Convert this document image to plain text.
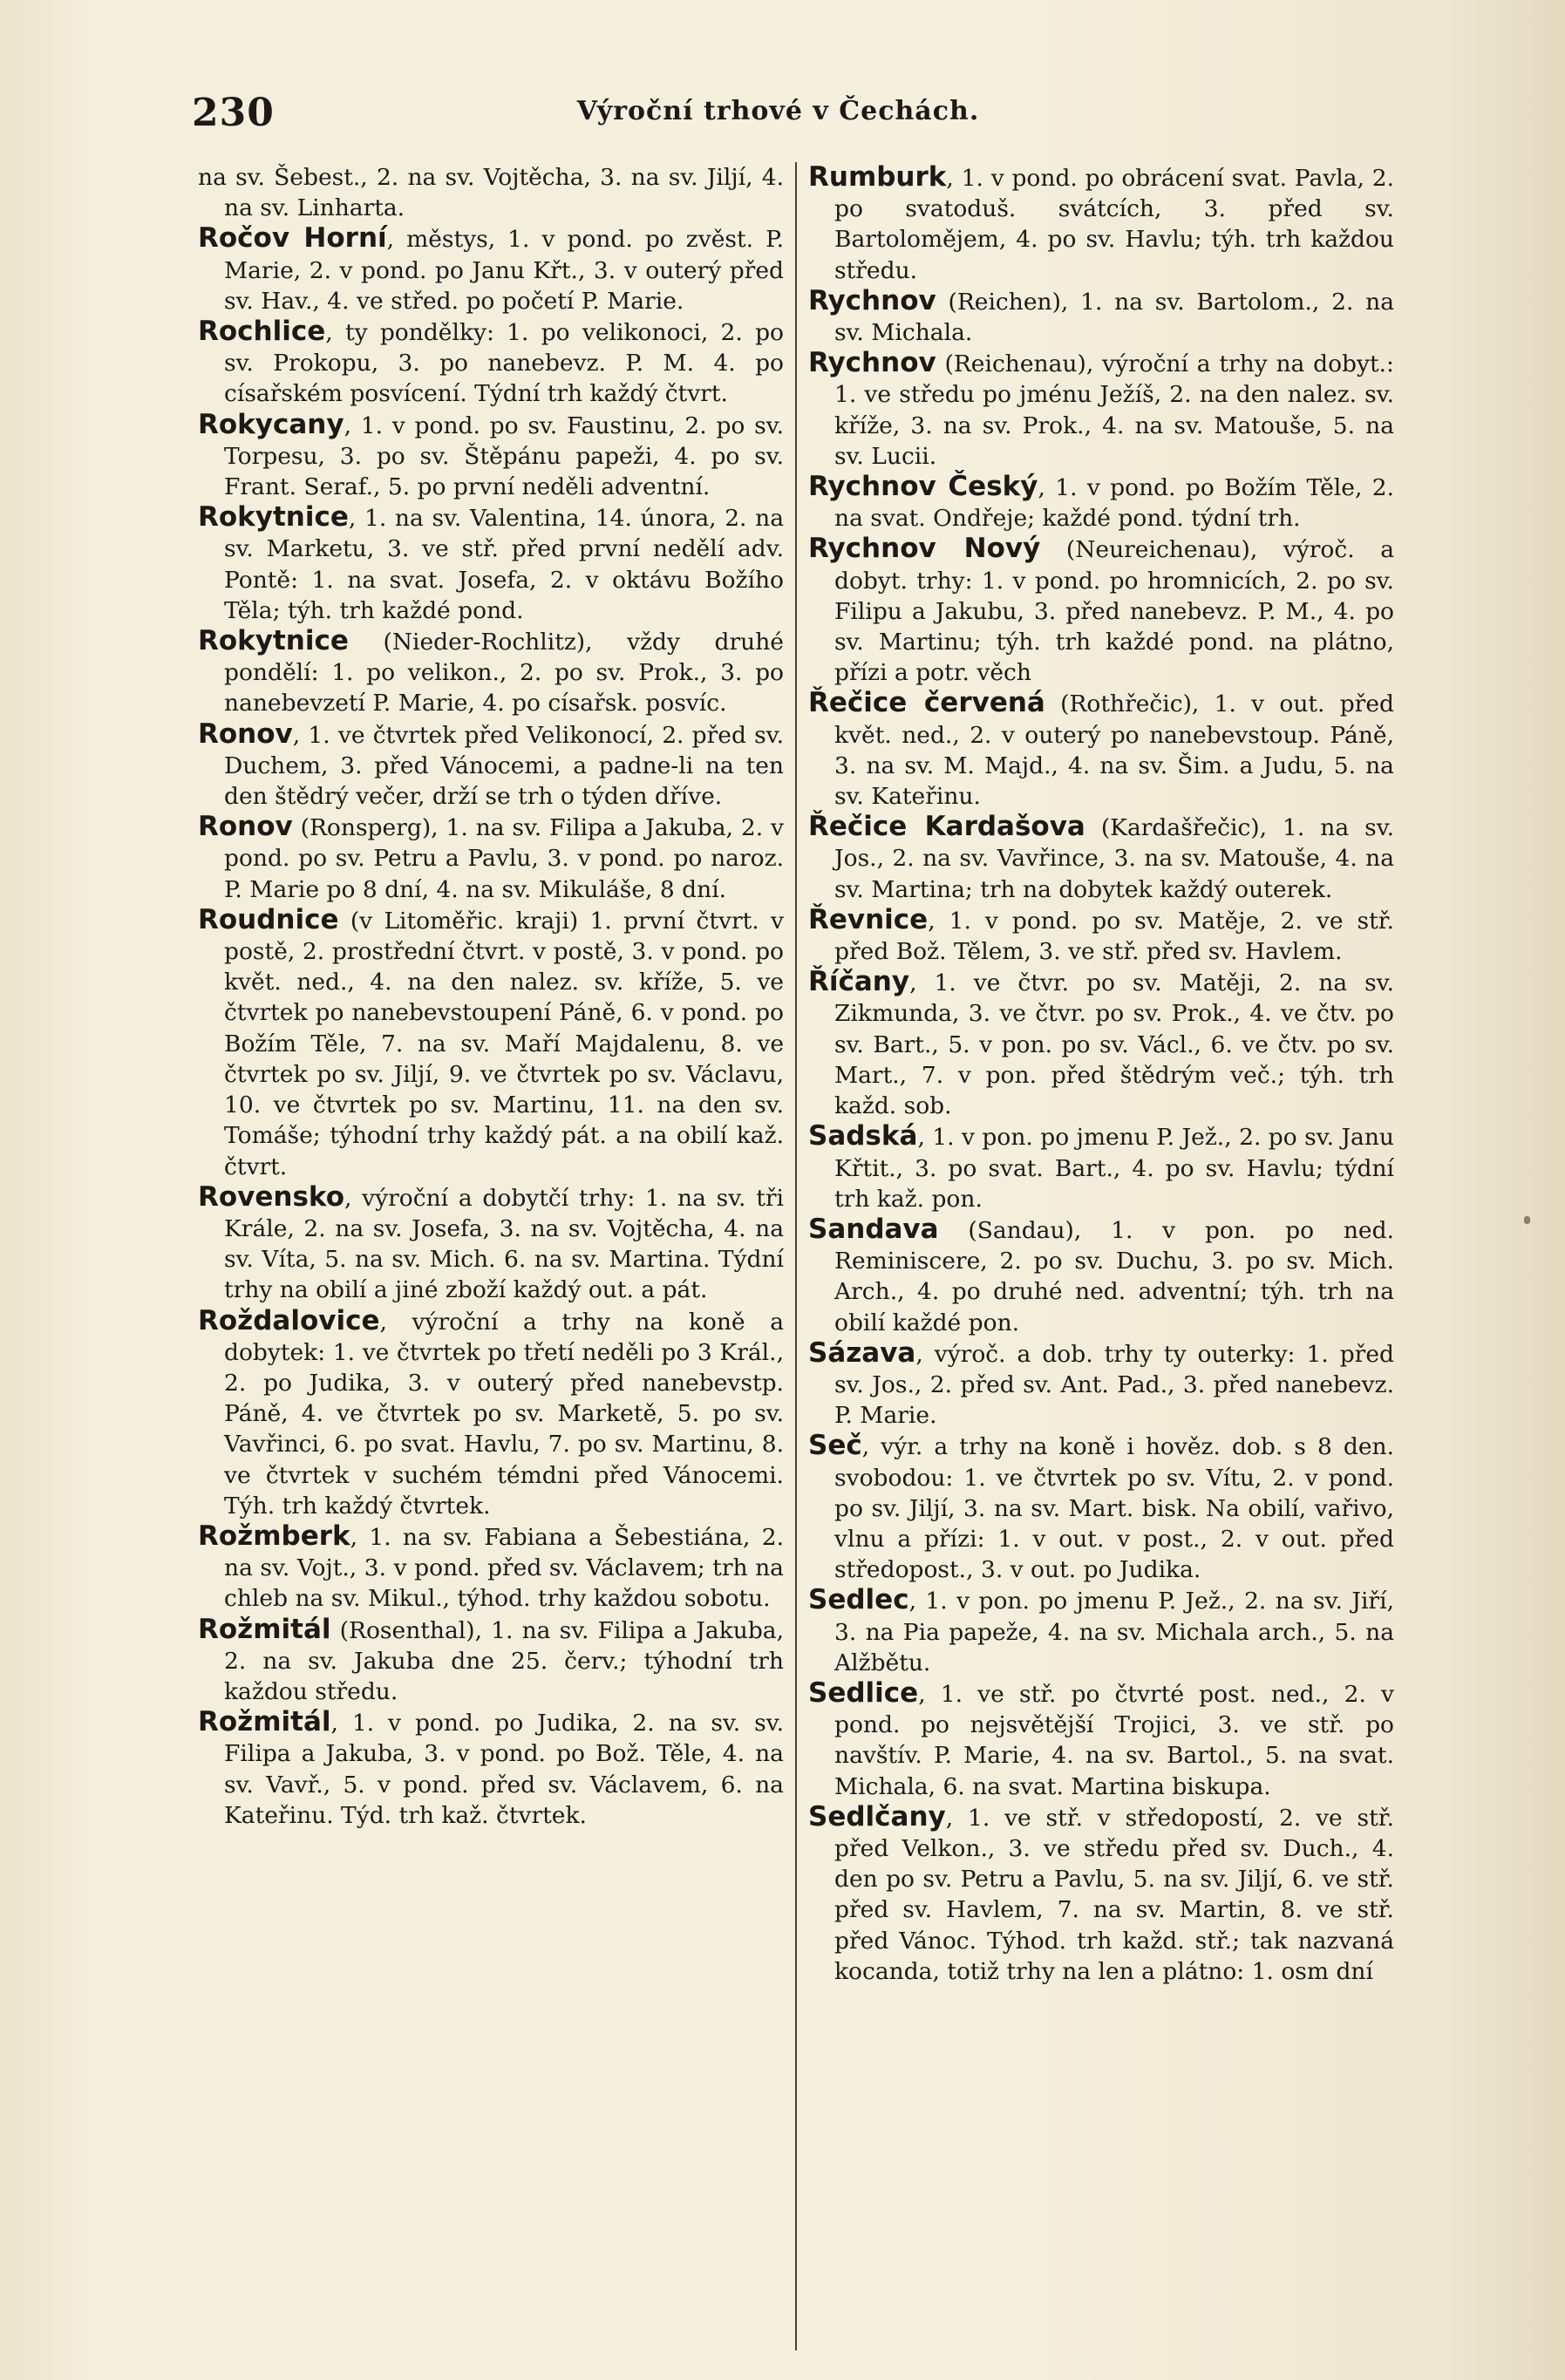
230	Výroční trhové v Čechách.

na sv. Šebest., 2. na sv. Vojtěcha, 3. na sv. Jiljí, 4. na sv. Linharta.

Ročov Horní, městys, 1. v pond. po zvěst. P. Marie, 2. v pond. po Janu Křt., 3. v outerý před sv. Hav., 4. ve střed. po početí P. Marie.

Rochlice, ty pondělky: 1. po velikonoci, 2. po sv. Prokopu, 3. po nanebevz. P. M. 4. po císařském posvícení. Týdní trh každý čtvrt.

Rokycany, 1. v pond. po sv. Faustinu, 2. po sv. Torpesu, 3. po sv. Štěpánu papeži, 4. po sv. Frant. Seraf., 5. po první neděli adventní.

Rokytnice, 1. na sv. Valentina, 14. února, 2. na sv. Marketu, 3. ve stř. před první nedělí adv. Pontě: 1. na svat. Josefa, 2. v oktávu Božího Těla; týh. trh každé pond.

Rokytnice (Nieder-Rochlitz), vždy druhé pondělí: 1. po velikon., 2. po sv. Prok., 3. po nanebevzetí P. Marie, 4. po císařsk. posvíc.

Ronov, 1. ve čtvrtek před Velikonocí, 2. před sv. Duchem, 3. před Vánocemi, a padne-li na ten den štědrý večer, drží se trh o týden dříve.

Ronov (Ronsperg), 1. na sv. Filipa a Jakuba, 2. v pond. po sv. Petru a Pavlu, 3. v pond. po naroz. P. Marie po 8 dní, 4. na sv. Mikuláše, 8 dní.

Roudnice (v Litoměřic. kraji) 1. první čtvrt. v postě, 2. prostřední čtvrt. v postě, 3. v pond. po květ. ned., 4. na den nalez. sv. kříže, 5. ve čtvrtek po nanebevstoupení Páně, 6. v pond. po Božím Těle, 7. na sv. Maří Majdalenu, 8. ve čtvrtek po sv. Jiljí, 9. ve čtvrtek po sv. Václavu, 10. ve čtvrtek po sv. Martinu, 11. na den sv. Tomáše; týhodní trhy každý pát. a na obilí kaž. čtvrt.

Rovensko, výroční a dobytčí trhy: 1. na sv. tři Krále, 2. na sv. Josefa, 3. na sv. Vojtěcha, 4. na sv. Víta, 5. na sv. Mich. 6. na sv. Martina. Týdní trhy na obilí a jiné zboží každý out. a pát.

Roždalovice, výroční a trhy na koně a dobytek: 1. ve čtvrtek po třetí neděli po 3 Král., 2. po Judika, 3. v outerý před nanebevstp. Páně, 4. ve čtvrtek po sv. Marketě, 5. po sv. Vavřinci, 6. po svat. Havlu, 7. po sv. Martinu, 8. ve čtvrtek v suchém témdni před Vánocemi. Týh. trh každý čtvrtek.

Rožmberk, 1. na sv. Fabiana a Šebestiána, 2. na sv. Vojt., 3. v pond. před sv. Václavem; trh na chleb na sv. Mikul., týhod. trhy každou sobotu.

Rožmitál (Rosenthal), 1. na sv. Filipa a Jakuba, 2. na sv. Jakuba dne 25. červ.; týhodní trh každou středu.

Rožmitál, 1. v pond. po Judika, 2. na sv. sv. Filipa a Jakuba, 3. v pond. po Bož. Těle, 4. na sv. Vavř., 5. v pond. před sv. Václavem, 6. na Kateřinu. Týd. trh kaž. čtvrtek.

Rumburk, 1. v pond. po obrácení svat. Pavla, 2. po svatoduš. svátcích, 3. před sv. Bartolomějem, 4. po sv. Havlu; týh. trh každou středu.

Rychnov (Reichen), 1. na sv. Bartolom., 2. na sv. Michala.

Rychnov (Reichenau), výroční a trhy na dobyt.: 1. ve středu po jménu Ježíš, 2. na den nalez. sv. kříže, 3. na sv. Prok., 4. na sv. Matouše, 5. na sv. Lucii.

Rychnov Český, 1. v pond. po Božím Těle, 2. na svat. Ondřeje; každé pond. týdní trh.

Rychnov Nový (Neureichenau), výroč. a dobyt. trhy: 1. v pond. po hromnicích, 2. po sv. Filipu a Jakubu, 3. před nanebevz. P. M., 4. po sv. Martinu; týh. trh každé pond. na plátno, přízi a potr. věch

Řečice červená (Rothřečic), 1. v out. před květ. ned., 2. v outerý po nanebevstoup. Páně, 3. na sv. M. Majd., 4. na sv. Šim. a Judu, 5. na sv. Kateřinu.

Řečice Kardašova (Kardašřečic), 1. na sv. Jos., 2. na sv. Vavřince, 3. na sv. Matouše, 4. na sv. Martina; trh na dobytek každý outerek.

Řevnice, 1. v pond. po sv. Matěje, 2. ve stř. před Bož. Tělem, 3. ve stř. před sv. Havlem.

Říčany, 1. ve čtvr. po sv. Matěji, 2. na sv. Zikmunda, 3. ve čtvr. po sv. Prok., 4. ve čtv. po sv. Bart., 5. v pon. po sv. Václ., 6. ve čtv. po sv. Mart., 7. v pon. před štědrým več.; týh. trh každ. sob.

Sadská, 1. v pon. po jmenu P. Jež., 2. po sv. Janu Křtit., 3. po svat. Bart., 4. po sv. Havlu; týdní trh kaž. pon.

Sandava (Sandau), 1. v pon. po ned. Reminiscere, 2. po sv. Duchu, 3. po sv. Mich. Arch., 4. po druhé ned. adventní; týh. trh na obilí každé pon.

Sázava, výroč. a dob. trhy ty outerky: 1. před sv. Jos., 2. před sv. Ant. Pad., 3. před nanebevz. P. Marie.

Seč, výr. a trhy na koně i hověz. dob. s 8 den. svobodou: 1. ve čtvrtek po sv. Vítu, 2. v pond. po sv. Jiljí, 3. na sv. Mart. bisk. Na obilí, vařivo, vlnu a přízi: 1. v out. v post., 2. v out. před středopost., 3. v out. po Judika.

Sedlec, 1. v pon. po jmenu P. Jež., 2. na sv. Jiří, 3. na Pia papeže, 4. na sv. Michala arch., 5. na Alžbětu.

Sedlice, 1. ve stř. po čtvrté post. ned., 2. v pond. po nejsvětější Trojici, 3. ve stř. po navštív. P. Marie, 4. na sv. Bartol., 5. na svat. Michala, 6. na svat. Martina biskupa.

Sedlčany, 1. ve stř. v středopostí, 2. ve stř. před Velkon., 3. ve středu před sv. Duch., 4. den po sv. Petru a Pavlu, 5. na sv. Jiljí, 6. ve stř. před sv. Havlem, 7. na sv. Martin, 8. ve stř. před Vánoc. Týhod. trh každ. stř.; tak nazvaná kocanda, totiž trhy na len a plátno: 1. osm dní
